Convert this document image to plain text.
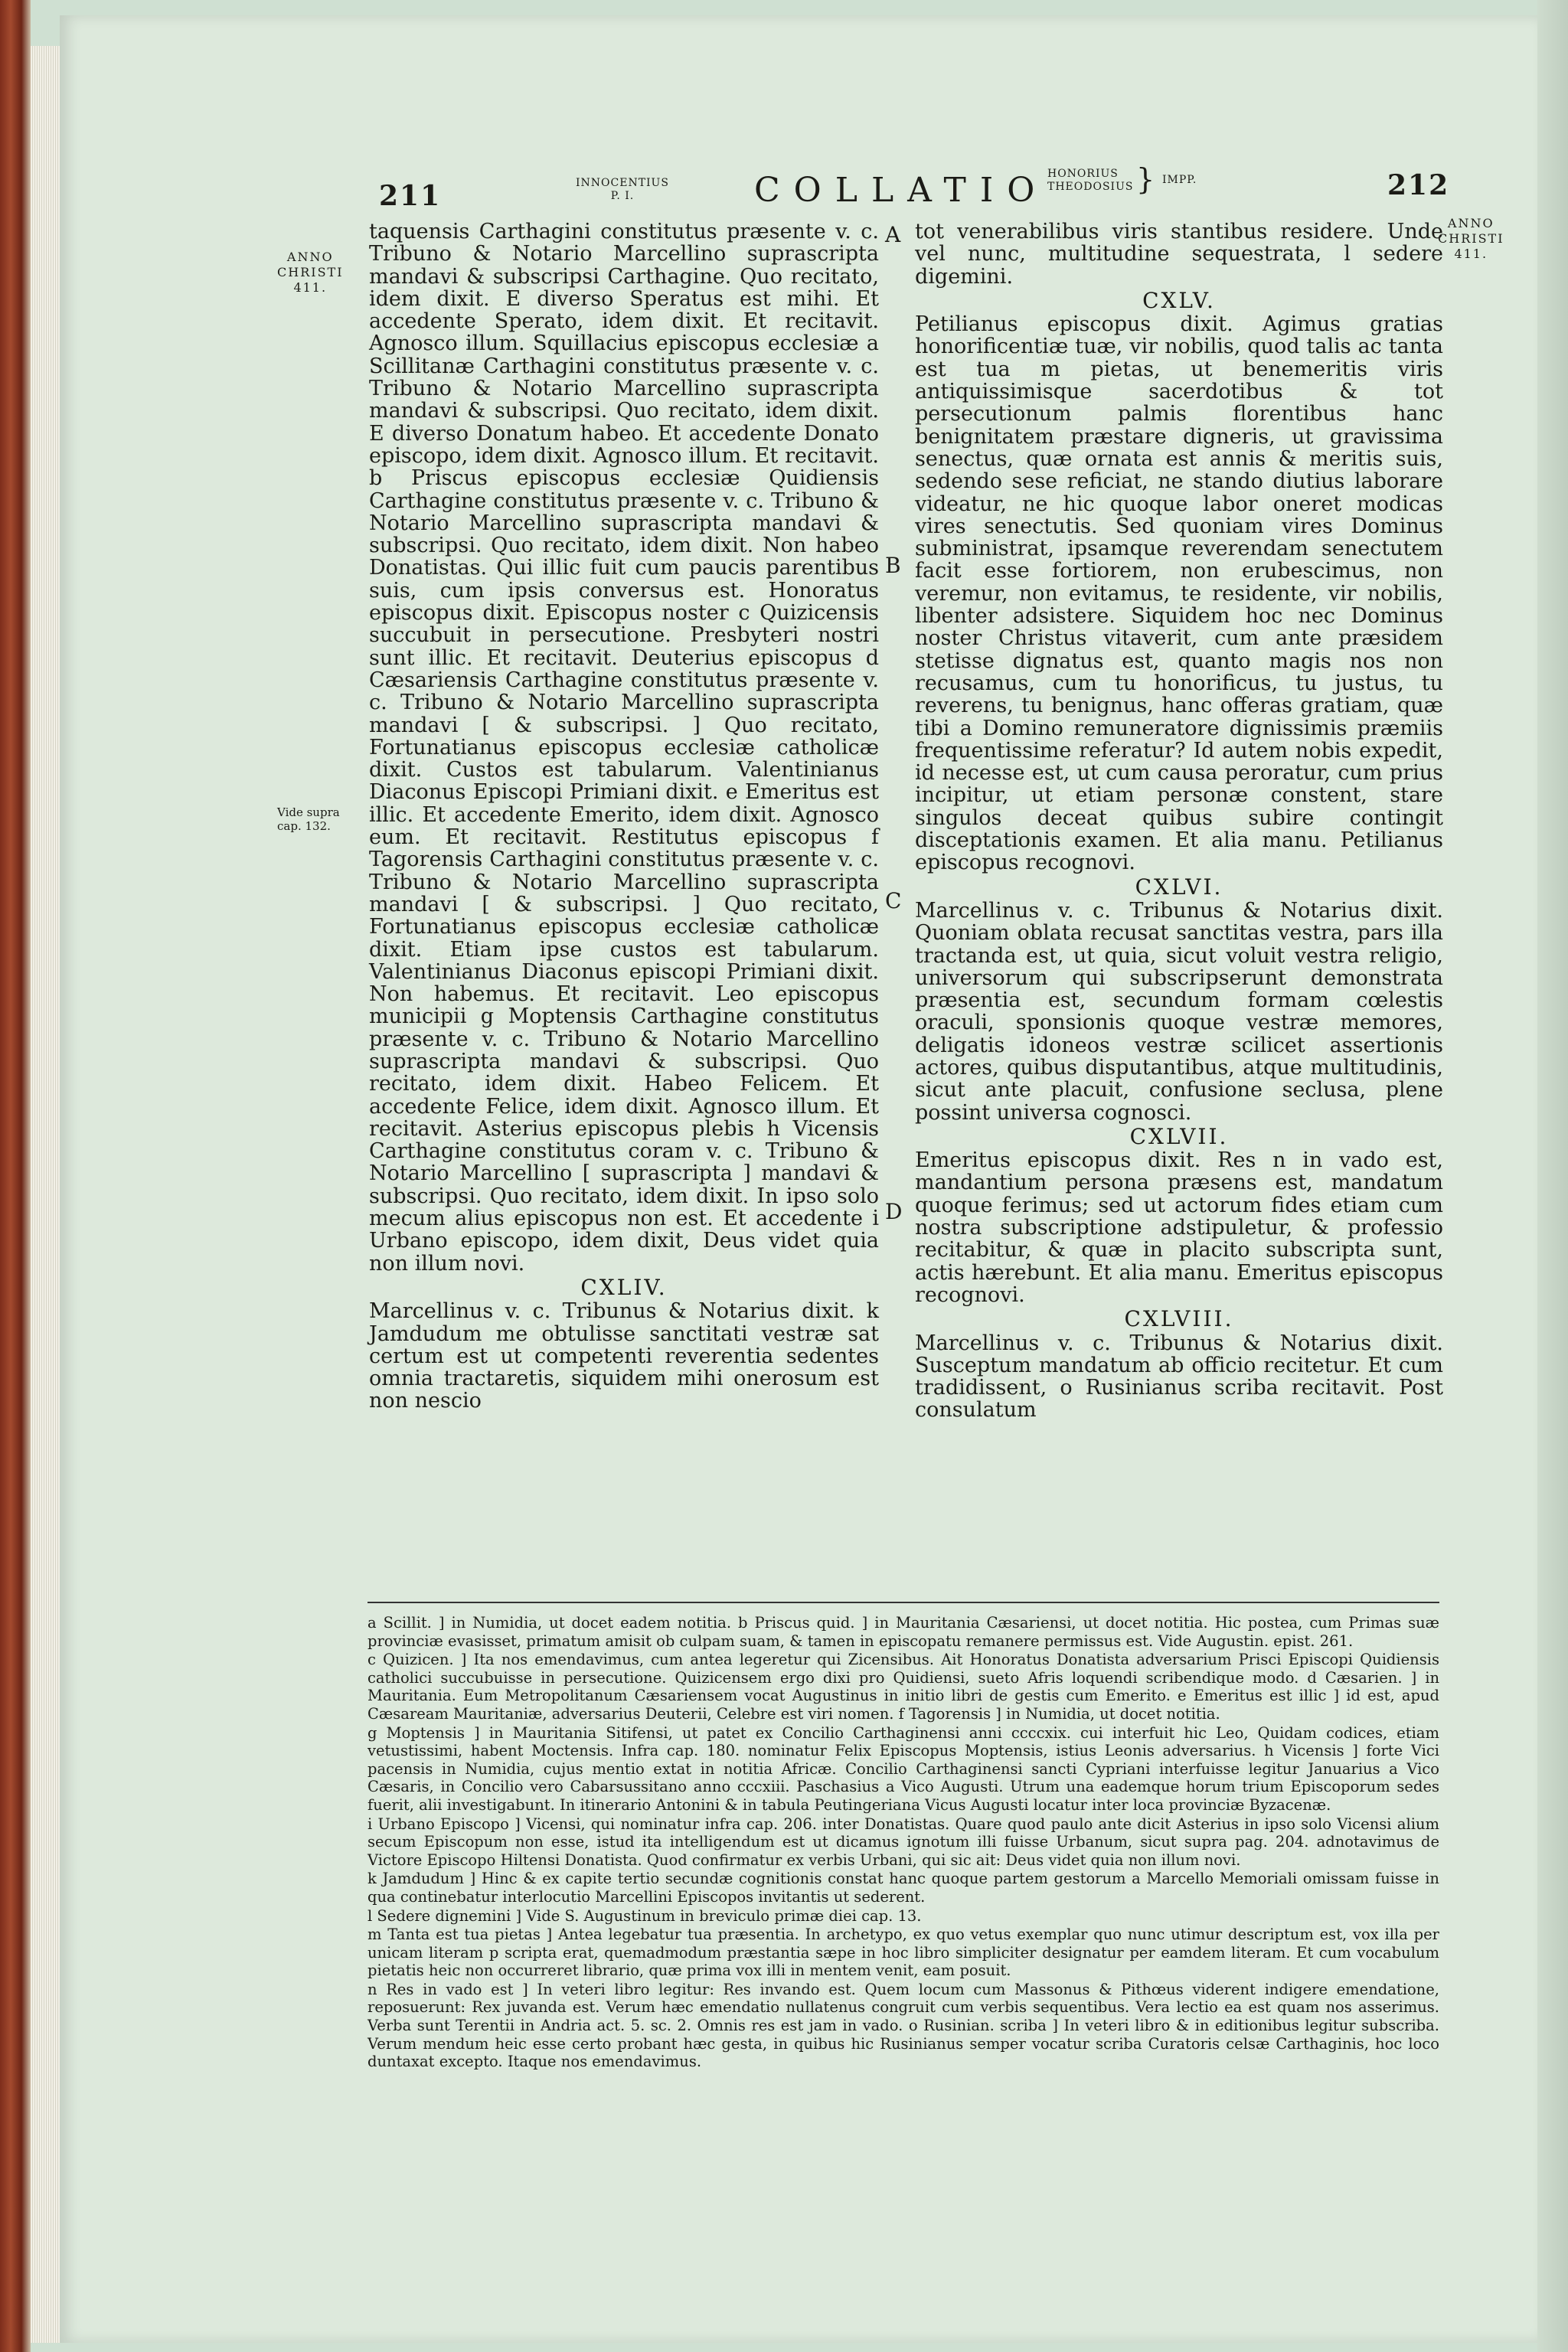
211	INNOCENTIUS
P. I.	COLLATIO
HONORIUS
THEODOSIUS } IMPP.	212
ANNO
CHRISTI
411.
ANNO
CHRISTI
411.
Vide supra
cap. 132.
A
B
C
D

taquensis Carthagini constitutus præsente v. c. Tribuno & Notario Marcellino suprascripta mandavi & subscripsi Carthagine. Quo recitato, idem dixit. E diverso Speratus est mihi. Et accedente Sperato, idem dixit. Et recitavit. Agnosco illum. Squillacius episcopus ecclesiæ a Scillitanæ Carthagini constitutus præsente v. c. Tribuno & Notario Marcellino suprascripta mandavi & subscripsi. Quo recitato, idem dixit. E diverso Donatum habeo. Et accedente Donato episcopo, idem dixit. Agnosco illum. Et recitavit. b Priscus episcopus ecclesiæ Quidiensis Carthagine constitutus præsente v. c. Tribuno & Notario Marcellino suprascripta mandavi & subscripsi. Quo recitato, idem dixit. Non habeo Donatistas. Qui illic fuit cum paucis parentibus suis, cum ipsis conversus est. Honoratus episcopus dixit. Episcopus noster c Quizicensis succubuit in persecutione. Presbyteri nostri sunt illic. Et recitavit. Deuterius episcopus d Cæsariensis Carthagine constitutus præsente v. c. Tribuno & Notario Marcellino suprascripta mandavi [ & subscripsi. ] Quo recitato, Fortunatianus episcopus ecclesiæ catholicæ dixit. Custos est tabularum. Valentinianus Diaconus Episcopi Primiani dixit. e Emeritus est illic. Et accedente Emerito, idem dixit. Agnosco eum. Et recitavit. Restitutus episcopus f Tagorensis Carthagini constitutus præsente v. c. Tribuno & Notario Marcellino suprascripta mandavi [ & subscripsi. ] Quo recitato, Fortunatianus episcopus ecclesiæ catholicæ dixit. Etiam ipse custos est tabularum. Valentinianus Diaconus episcopi Primiani dixit. Non habemus. Et recitavit. Leo episcopus municipii g Moptensis Carthagine constitutus præsente v. c. Tribuno & Notario Marcellino suprascripta mandavi & subscripsi. Quo recitato, idem dixit. Habeo Felicem. Et accedente Felice, idem dixit. Agnosco illum. Et recitavit. Asterius episcopus plebis h Vicensis Carthagine constitutus coram v. c. Tribuno & Notario Marcellino [ suprascripta ] mandavi & subscripsi. Quo recitato, idem dixit. In ipso solo mecum alius episcopus non est. Et accedente i Urbano episcopo, idem dixit, Deus videt quia non illum novi.

CXLIV.

Marcellinus v. c. Tribunus & Notarius dixit. k Jamdudum me obtulisse sanctitati vestræ sat certum est ut competenti reverentia sedentes omnia tractaretis, siquidem mihi onerosum est non nescio

tot venerabilibus viris stantibus residere. Unde vel nunc, multitudine sequestrata, l sedere digemini.

CXLV.

Petilianus episcopus dixit. Agimus gratias honorificentiæ tuæ, vir nobilis, quod talis ac tanta est tua m pietas, ut benemeritis viris antiquissimisque sacerdotibus & tot persecutionum palmis florentibus hanc benignitatem præstare digneris, ut gravissima senectus, quæ ornata est annis & meritis suis, sedendo sese reficiat, ne stando diutius laborare videatur, ne hic quoque labor oneret modicas vires senectutis. Sed quoniam vires Dominus subministrat, ipsamque reverendam senectutem facit esse fortiorem, non erubescimus, non veremur, non evitamus, te residente, vir nobilis, libenter adsistere. Siquidem hoc nec Dominus noster Christus vitaverit, cum ante præsidem stetisse dignatus est, quanto magis nos non recusamus, cum tu honorificus, tu justus, tu reverens, tu benignus, hanc offeras gratiam, quæ tibi a Domino remuneratore dignissimis præmiis frequentissime referatur? Id autem nobis expedit, id necesse est, ut cum causa peroratur, cum prius incipitur, ut etiam personæ constent, stare singulos deceat quibus subire contingit disceptationis examen. Et alia manu. Petilianus episcopus recognovi.

CXLVI.

Marcellinus v. c. Tribunus & Notarius dixit. Quoniam oblata recusat sanctitas vestra, pars illa tractanda est, ut quia, sicut voluit vestra religio, universorum qui subscripserunt demonstrata præsentia est, secundum formam cœlestis oraculi, sponsionis quoque vestræ memores, deligatis idoneos vestræ scilicet assertionis actores, quibus disputantibus, atque multitudinis, sicut ante placuit, confusione seclusa, plene possint universa cognosci.

CXLVII.

Emeritus episcopus dixit. Res n in vado est, mandantium persona præsens est, mandatum quoque ferimus; sed ut actorum fides etiam cum nostra subscriptione adstipuletur, & professio recitabitur, & quæ in placito subscripta sunt, actis hærebunt. Et alia manu. Emeritus episcopus recognovi.

CXLVIII.

Marcellinus v. c. Tribunus & Notarius dixit. Susceptum mandatum ab officio recitetur. Et cum tradidissent, o Rusinianus scriba recitavit. Post consulatum

a Scillit. ] in Numidia, ut docet eadem notitia. b Priscus quid. ] in Mauritania Cæsariensi, ut docet notitia. Hic postea, cum Primas suæ provinciæ evasisset, primatum amisit ob culpam suam, & tamen in episcopatu remanere permissus est. Vide Augustin. epist. 261.

c Quizicen. ] Ita nos emendavimus, cum antea legeretur qui Zicensibus. Ait Honoratus Donatista adversarium Prisci Episcopi Quidiensis catholici succubuisse in persecutione. Quizicensem ergo dixi pro Quidiensi, sueto Afris loquendi scribendique modo. d Cæsarien. ] in Mauritania. Eum Metropolitanum Cæsariensem vocat Augustinus in initio libri de gestis cum Emerito. e Emeritus est illic ] id est, apud Cæsaream Mauritaniæ, adversarius Deuterii, Celebre est viri nomen. f Tagorensis ] in Numidia, ut docet notitia.

g Moptensis ] in Mauritania Sitifensi, ut patet ex Concilio Carthaginensi anni ccccxix. cui interfuit hic Leo, Quidam codices, etiam vetustissimi, habent Moctensis. Infra cap. 180. nominatur Felix Episcopus Moptensis, istius Leonis adversarius. h Vicensis ] forte Vici pacensis in Numidia, cujus mentio extat in notitia Africæ. Concilio Carthaginensi sancti Cypriani interfuisse legitur Januarius a Vico Cæsaris, in Concilio vero Cabarsussitano anno cccxiii. Paschasius a Vico Augusti. Utrum una eademque horum trium Episcoporum sedes fuerit, alii investigabunt. In itinerario Antonini & in tabula Peutingeriana Vicus Augusti locatur inter loca provinciæ Byzacenæ.

i Urbano Episcopo ] Vicensi, qui nominatur infra cap. 206. inter Donatistas. Quare quod paulo ante dicit Asterius in ipso solo Vicensi alium secum Episcopum non esse, istud ita intelligendum est ut dicamus ignotum illi fuisse Urbanum, sicut supra pag. 204. adnotavimus de Victore Episcopo Hiltensi Donatista. Quod confirmatur ex verbis Urbani, qui sic ait: Deus videt quia non illum novi.

k Jamdudum ] Hinc & ex capite tertio secundæ cognitionis constat hanc quoque partem gestorum a Marcello Memoriali omissam fuisse in qua continebatur interlocutio Marcellini Episcopos invitantis ut sederent.

l Sedere dignemini ] Vide S. Augustinum in breviculo primæ diei cap. 13.

m Tanta est tua pietas ] Antea legebatur tua præsentia. In archetypo, ex quo vetus exemplar quo nunc utimur descriptum est, vox illa per unicam literam p scripta erat, quemadmodum præstantia sæpe in hoc libro simpliciter designatur per eamdem literam. Et cum vocabulum pietatis heic non occurreret librario, quæ prima vox illi in mentem venit, eam posuit.

n Res in vado est ] In veteri libro legitur: Res invando est. Quem locum cum Massonus & Pithœus viderent indigere emendatione, reposuerunt: Rex juvanda est. Verum hæc emendatio nullatenus congruit cum verbis sequentibus. Vera lectio ea est quam nos asserimus. Verba sunt Terentii in Andria act. 5. sc. 2. Omnis res est jam in vado. o Rusinian. scriba ] In veteri libro & in editionibus legitur subscriba. Verum mendum heic esse certo probant hæc gesta, in quibus hic Rusinianus semper vocatur scriba Curatoris celsæ Carthaginis, hoc loco duntaxat excepto. Itaque nos emendavimus.
